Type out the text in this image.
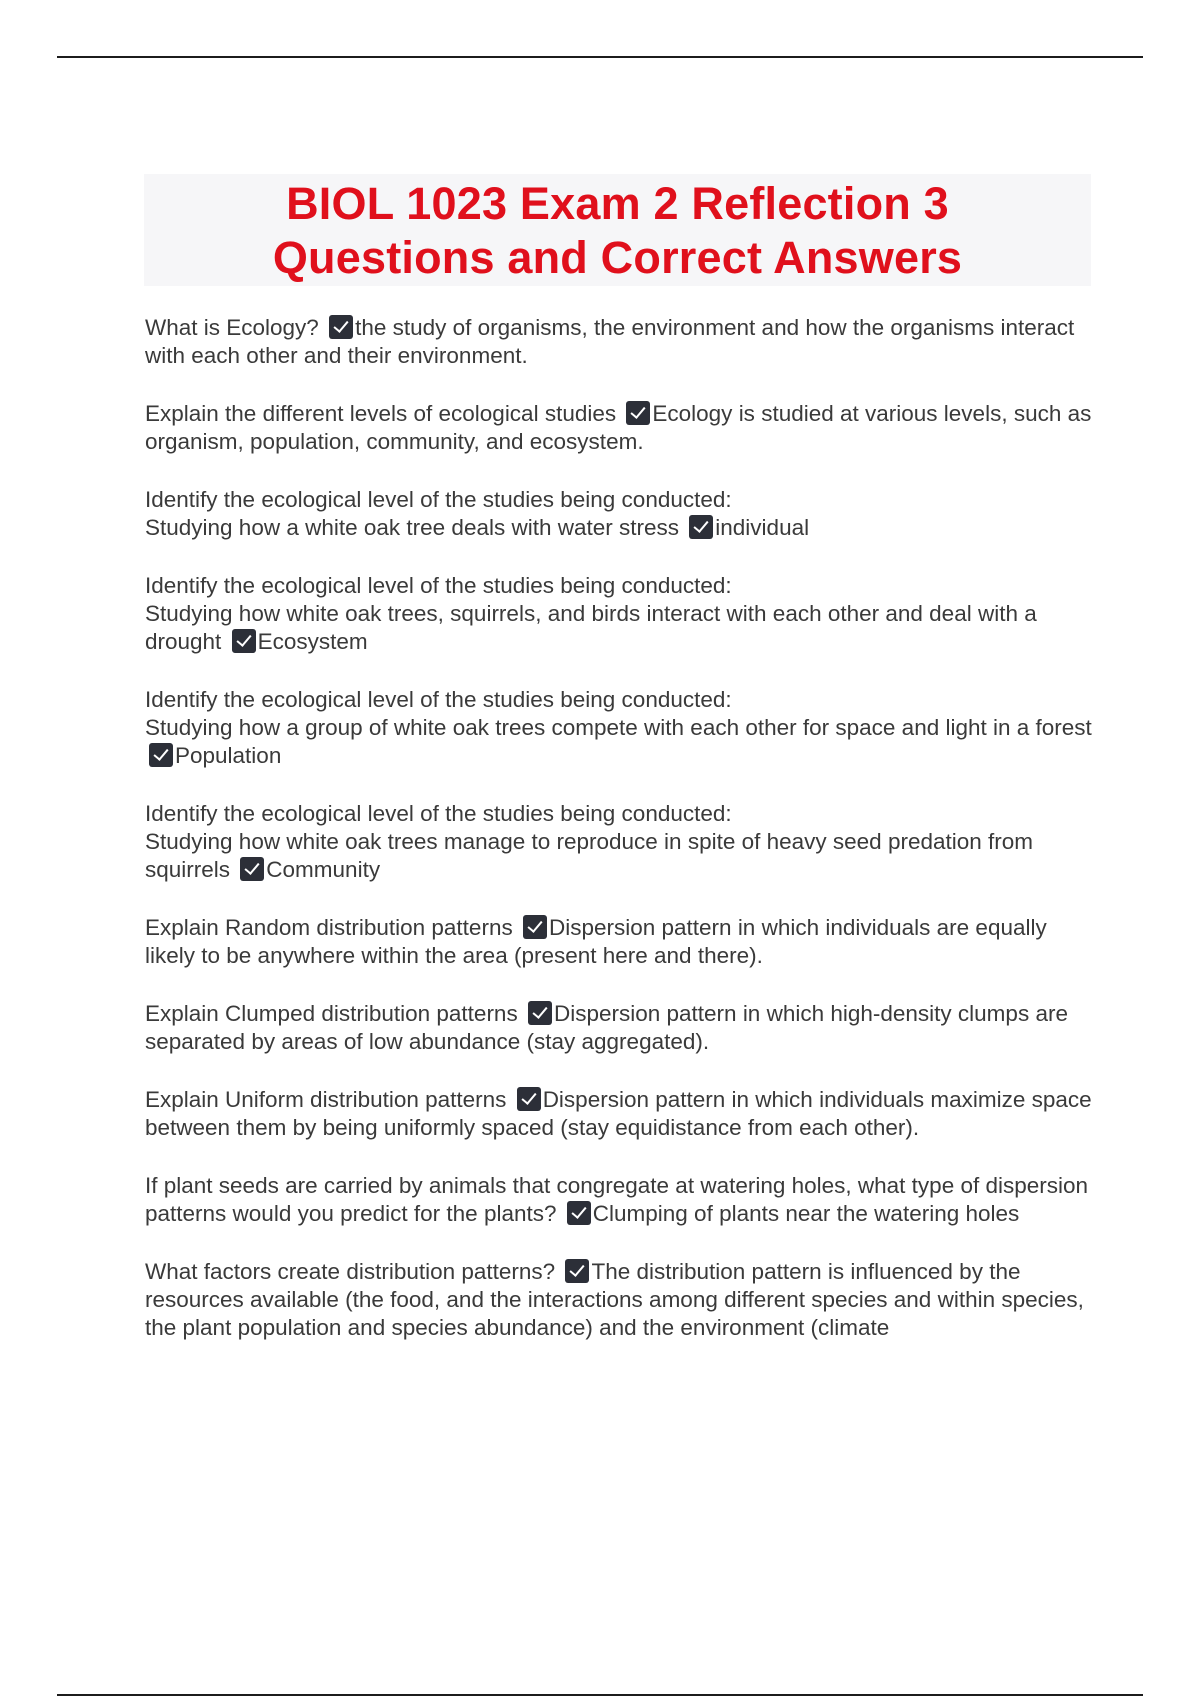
BIOL 1023 Exam 2 Reflection 3
Questions and Correct Answers

What is Ecology? the study of organisms, the environment and how the organisms interact with each other and their environment.

Explain the different levels of ecological studies Ecology is studied at various levels, such as organism, population, community, and ecosystem.

Identify the ecological level of the studies being conducted:

Studying how a white oak tree deals with water stress individual

Identify the ecological level of the studies being conducted:

Studying how white oak trees, squirrels, and birds interact with each other and deal with a drought Ecosystem

Identify the ecological level of the studies being conducted:

Studying how a group of white oak trees compete with each other for space and light in a forest Population

Identify the ecological level of the studies being conducted:

Studying how white oak trees manage to reproduce in spite of heavy seed predation from squirrels Community

Explain Random distribution patterns Dispersion pattern in which individuals are equally likely to be anywhere within the area (present here and there).

Explain Clumped distribution patterns Dispersion pattern in which high-density clumps are separated by areas of low abundance (stay aggregated).

Explain Uniform distribution patterns Dispersion pattern in which individuals maximize space between them by being uniformly spaced (stay equidistance from each other).

If plant seeds are carried by animals that congregate at watering holes, what type of dispersion patterns would you predict for the plants? Clumping of plants near the watering holes

What factors create distribution patterns? The distribution pattern is influenced by the resources available (the food, and the interactions among different species and within species, the plant population and species abundance) and the environment (climate
